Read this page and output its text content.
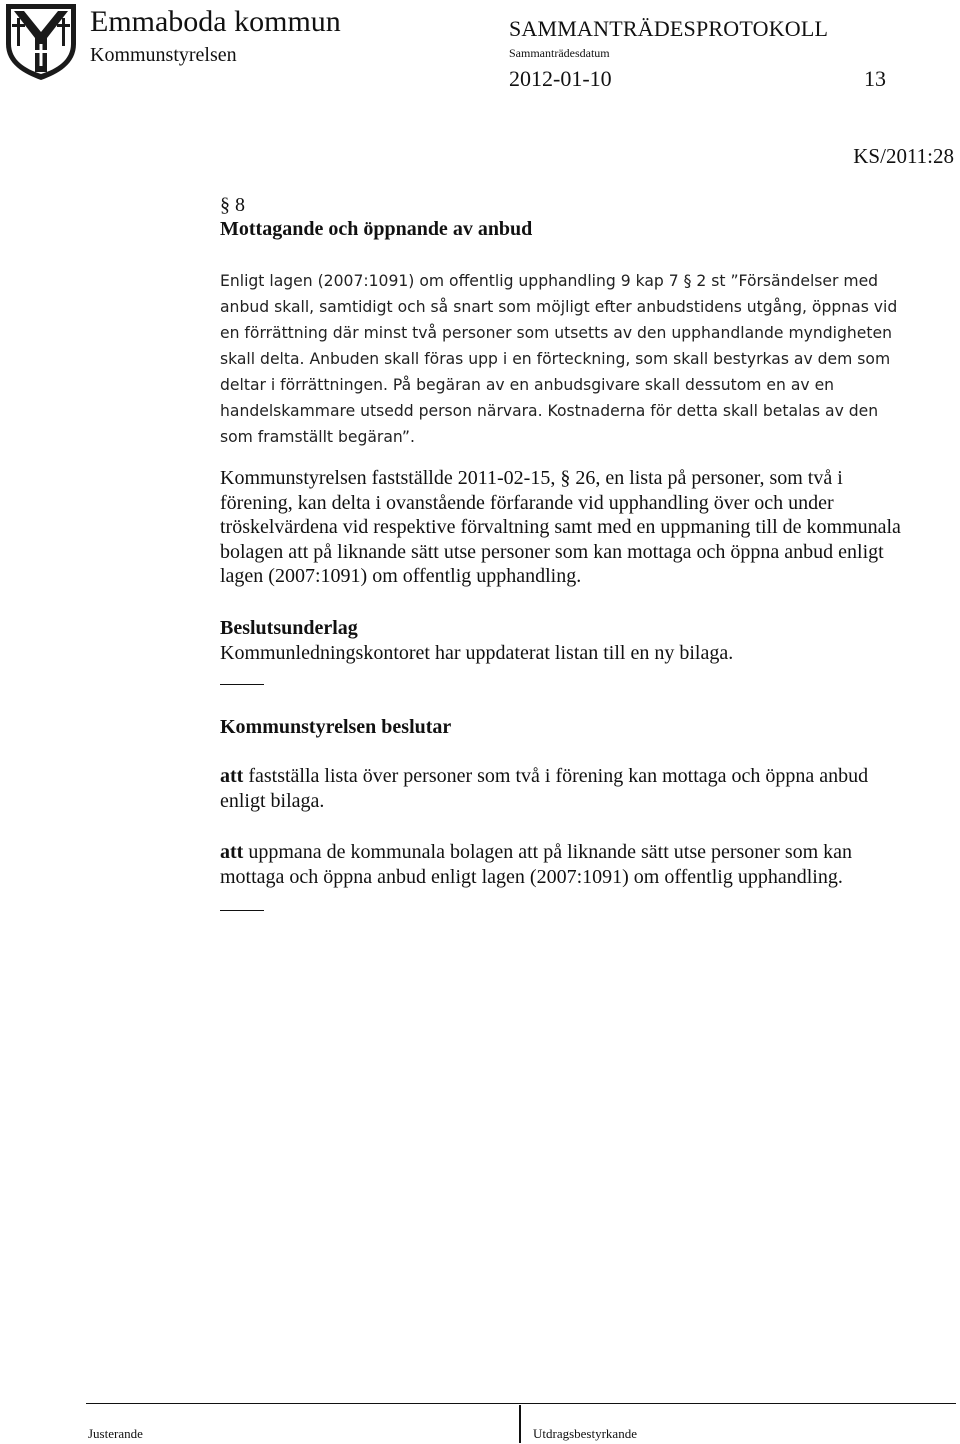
Emmaboda kommun
Kommunstyrelsen
SAMMANTRÄDESPROTOKOLL
Sammanträdesdatum
2012-01-10	13
KS/2011:28
§ 8
Mottagande och öppnande av anbud
Enligt lagen (2007:1091) om offentlig upphandling 9 kap 7 § 2 st ”Försändelser med
anbud skall, samtidigt och så snart som möjligt efter anbudstidens utgång, öppnas vid
en förrättning där minst två personer som utsetts av den upphandlande myndigheten
skall delta. Anbuden skall föras upp i en förteckning, som skall bestyrkas av dem som
deltar i förrättningen. På begäran av en anbudsgivare skall dessutom en av en
handelskammare utsedd person närvara. Kostnaderna för detta skall betalas av den
som framställt begäran”.
Kommunstyrelsen fastställde 2011-02-15, § 26, en lista på personer, som två i
förening, kan delta i ovanstående förfarande vid upphandling över och under
tröskelvärdena vid respektive förvaltning samt med en uppmaning till de kommunala
bolagen att på liknande sätt utse personer som kan mottaga och öppna anbud enligt
lagen (2007:1091) om offentlig upphandling.
Beslutsunderlag
Kommunledningskontoret har uppdaterat listan till en ny bilaga.
Kommunstyrelsen beslutar
att fastställa lista över personer som två i förening kan mottaga och öppna anbud
enligt bilaga.
att uppmana de kommunala bolagen att på liknande sätt utse personer som kan
mottaga och öppna anbud enligt lagen (2007:1091) om offentlig upphandling.
Justerande	Utdragsbestyrkande
